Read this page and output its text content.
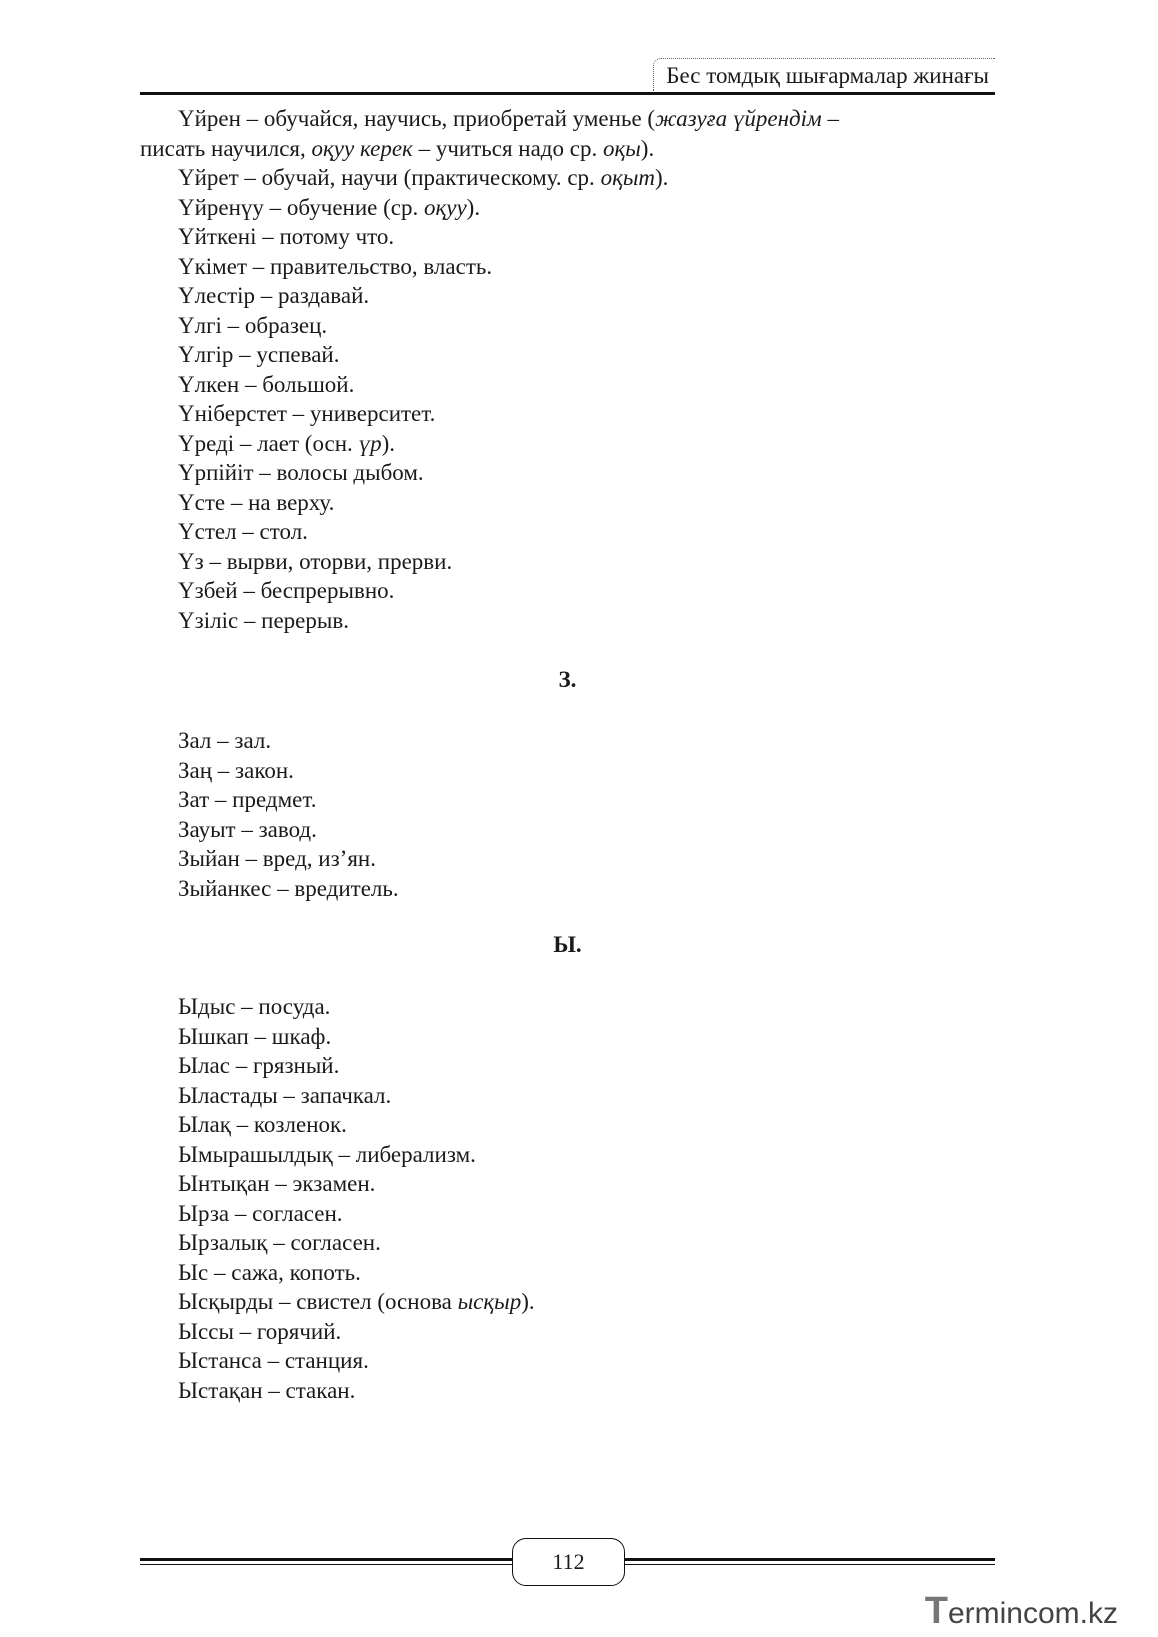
Бес томдық шығармалар жинағы
Үйрен – обучайся, научись, приобретай уменье (жазуға үйрендім –
писать научился, оқуу керек – учиться надо ср. оқы).
Үйрет – обучай, научи (практическому. ср. оқыт).
Үйренүу – обучение (ср. оқуу).
Үйткені – потому что.
Үкімет – правительство, власть.
Үлестір – раздавай.
Үлгі – образец.
Үлгір – успевай.
Үлкен – большой.
Үнiберстет – университет.
Үреді – лает (осн. үр).
Үрпійіт – волосы дыбом.
Үсте – на верху.
Үстел – стол.
Үз – вырви, оторви, прерви.
Үзбей – беспрерывно.
Үзіліс – перерыв.
З.
Зал – зал.
Заң – закон.
Зат – предмет.
Зауыт – завод.
Зыйан – вред, из’ян.
Зыйанкес – вредитель.
Ы.
Ыдыс – посуда.
Ышкап – шкаф.
Ылас – грязный.
Ыластады – запачкал.
Ылақ – козленок.
Ымырашылдық – либерализм.
Ынтықан – экзамен.
Ырза – согласен.
Ырзалық – согласен.
Ыс – сажа, копоть.
Ысқырды – свистел (основа ысқыр).
Ыссы – горячий.
Ыстанса – станция.
Ыстақан – стакан.
112
Termincom.kz
